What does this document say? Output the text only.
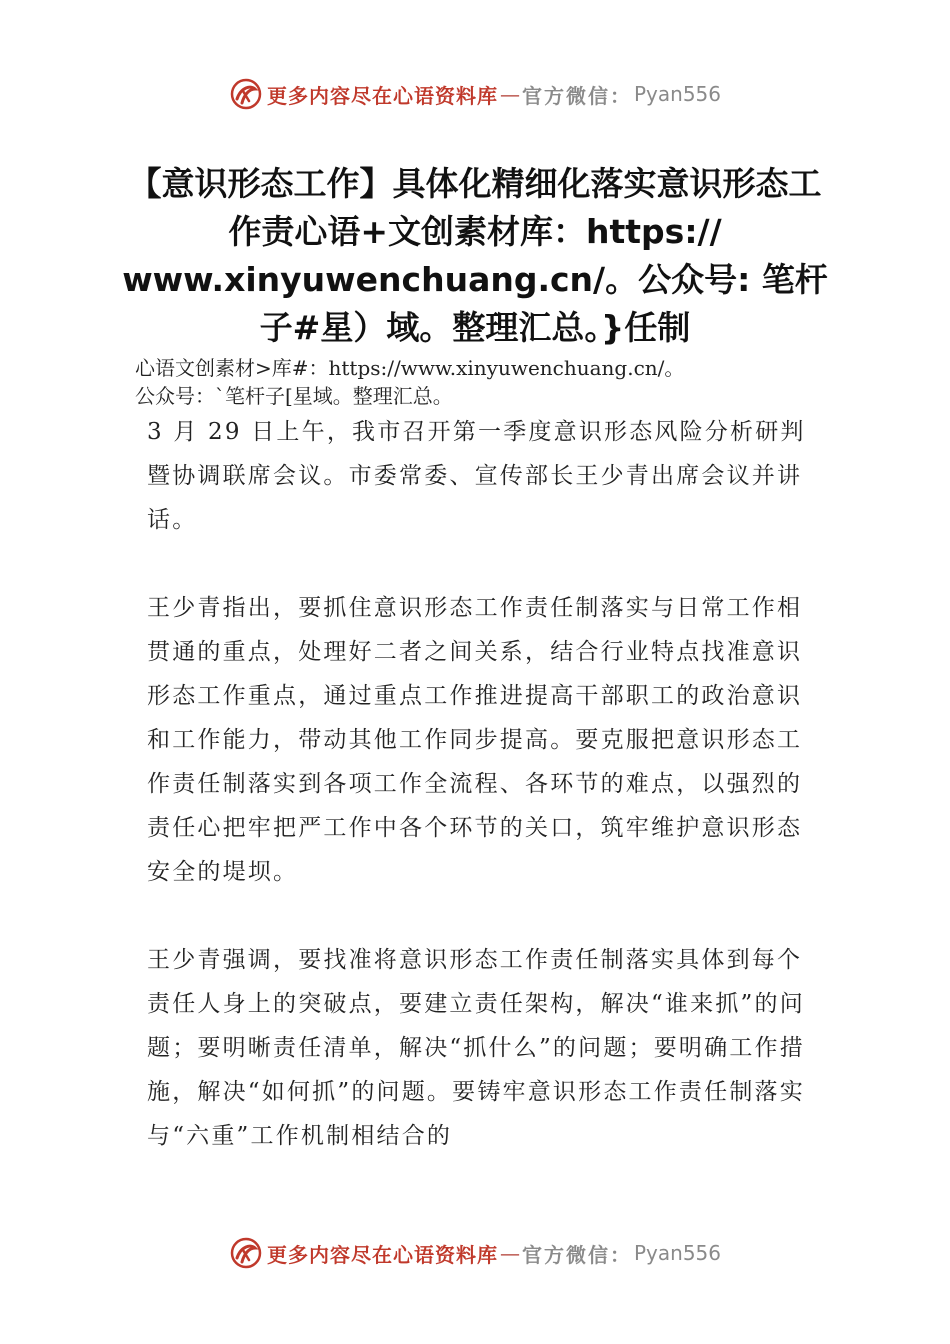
更多内容尽在心语资料库 — 官方微信： Pyan556
【意识形态工作】具体化精细化落实意识形态工作责心语+文创素材库：https:// www.xinyuwenchuang.cn/。公众号: 笔杆子#星）域。整理汇总。}任制
心语文创素材>库#：https://www.xinyuwenchuang.cn/。
公众号：`笔杆子[星域。整理汇总。
3 月 29 日上午，我市召开第一季度意识形态风险分析研判暨协调联席会议。市委常委、宣传部长王少青出席会议并讲话。
王少青指出，要抓住意识形态工作责任制落实与日常工作相贯通的重点，处理好二者之间关系，结合行业特点找准意识形态工作重点，通过重点工作推进提高干部职工的政治意识和工作能力，带动其他工作同步提高。要克服把意识形态工作责任制落实到各项工作全流程、各环节的难点，以强烈的责任心把牢把严工作中各个环节的关口，筑牢维护意识形态安全的堤坝。
王少青强调，要找准将意识形态工作责任制落实具体到每个责任人身上的突破点，要建立责任架构，解决“谁来抓”的问题；要明晰责任清单，解决“抓什么”的问题；要明确工作措施，解决“如何抓”的问题。要铸牢意识形态工作责任制落实与“六重”工作机制相结合的
更多内容尽在心语资料库 — 官方微信： Pyan556
